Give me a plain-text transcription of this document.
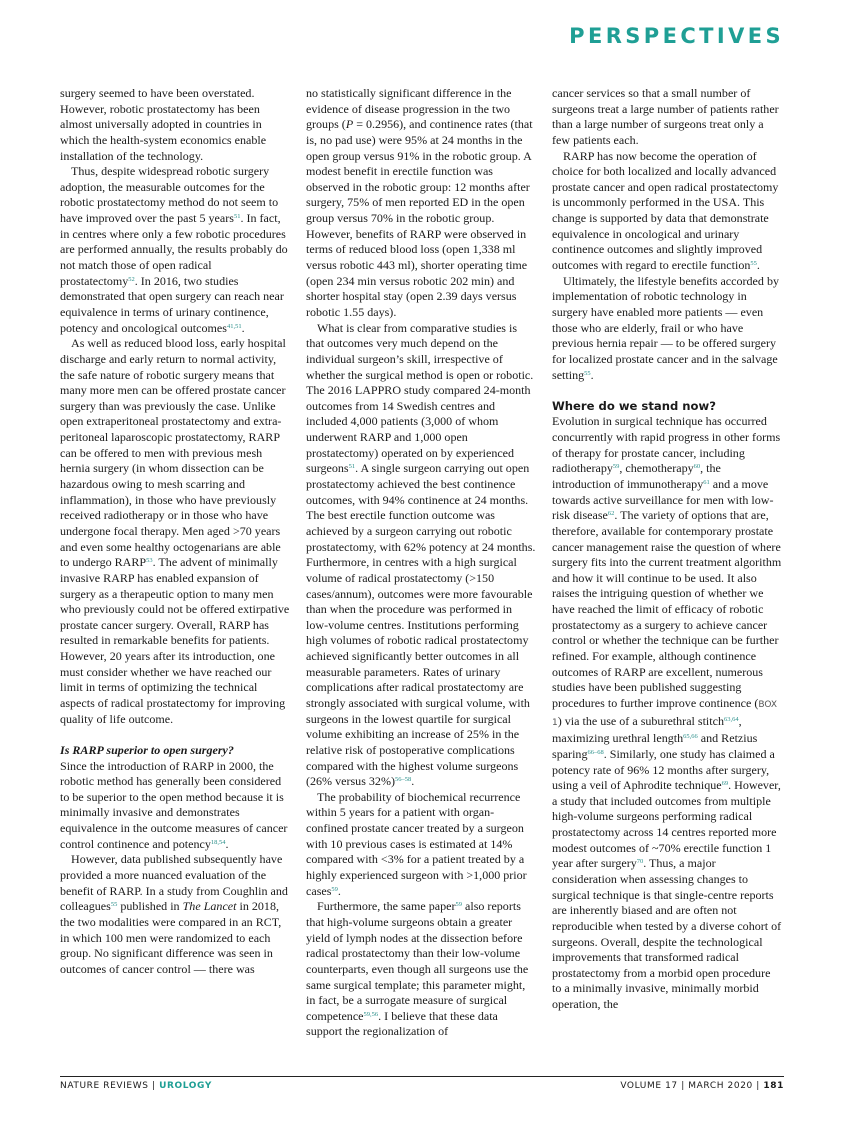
PERSPECTIVES

surgery seemed to have been overstated. However, robotic prostatectomy has been almost universally adopted in countries in which the health-system economics enable installation of the technology.

Thus, despite widespread robotic surgery adoption, the measurable outcomes for the robotic prostatectomy method do not seem to have improved over the past 5 years$^{51}$. In fact, in centres where only a few robotic procedures are performed annually, the results probably do not match those of open radical prostatectomy$^{52}$. In 2016, two studies demonstrated that open surgery can reach near equivalence in terms of urinary continence, potency and oncological outcomes$^{41,51}$.

As well as reduced blood loss, early hospital discharge and early return to normal activity, the safe nature of robotic surgery means that many more men can be offered prostate cancer surgery than was previously the case. Unlike open extraperitoneal prostatectomy and extra-peritoneal laparoscopic prostatectomy, RARP can be offered to men with previous mesh hernia surgery (in whom dissection can be hazardous owing to mesh scarring and inflammation), in those who have previously received radiotherapy or in those who have undergone focal therapy. Men aged >70 years and even some healthy octogenarians are able to undergo RARP$^{53}$. The advent of minimally invasive RARP has enabled expansion of surgery as a therapeutic option to many men who previously could not be offered extirpative prostate cancer surgery. Overall, RARP has resulted in remarkable benefits for patients. However, 20 years after its introduction, one must consider whether we have reached our limit in terms of optimizing the technical aspects of radical prostatectomy for improving quality of life outcome.

Is RARP superior to open surgery?

Since the introduction of RARP in 2000, the robotic method has generally been considered to be superior to the open method because it is minimally invasive and demonstrates equivalence in the outcome measures of cancer control continence and potency$^{18,54}$.

However, data published subsequently have provided a more nuanced evaluation of the benefit of RARP. In a study from Coughlin and colleagues$^{55}$ published in The Lancet in 2018, the two modalities were compared in an RCT, in which 100 men were randomized to each group. No significant difference was seen in outcomes of cancer control — there was

no statistically significant difference in the evidence of disease progression in the two groups (P = 0.2956), and continence rates (that is, no pad use) were 95% at 24 months in the open group versus 91% in the robotic group. A modest benefit in erectile function was observed in the robotic group: 12 months after surgery, 75% of men reported ED in the open group versus 70% in the robotic group. However, benefits of RARP were observed in terms of reduced blood loss (open 1,338 ml versus robotic 443 ml), shorter operating time (open 234 min versus robotic 202 min) and shorter hospital stay (open 2.39 days versus robotic 1.55 days).

What is clear from comparative studies is that outcomes very much depend on the individual surgeon’s skill, irrespective of whether the surgical method is open or robotic. The 2016 LAPPRO study compared 24-month outcomes from 14 Swedish centres and included 4,000 patients (3,000 of whom underwent RARP and 1,000 open prostatectomy) operated on by experienced surgeons$^{51}$. A single surgeon carrying out open prostatectomy achieved the best continence outcomes, with 94% continence at 24 months. The best erectile function outcome was achieved by a surgeon carrying out robotic prostatectomy, with 62% potency at 24 months. Furthermore, in centres with a high surgical volume of radical prostatectomy (>150 cases/annum), outcomes were more favourable than when the procedure was performed in low-volume centres. Institutions performing high volumes of robotic radical prostatectomy achieved significantly better outcomes in all measurable parameters. Rates of urinary complications after radical prostatectomy are strongly associated with surgical volume, with surgeons in the lowest quartile for surgical volume exhibiting an increase of 25% in the relative risk of postoperative complications compared with the highest volume surgeons (26% versus 32%)$^{56-58}$.

The probability of biochemical recurrence within 5 years for a patient with organ-confined prostate cancer treated by a surgeon with 10 previous cases is estimated at 14% compared with <3% for a patient treated by a highly experienced surgeon with >1,000 prior cases$^{59}$.

Furthermore, the same paper$^{59}$ also reports that high-volume surgeons obtain a greater yield of lymph nodes at the dissection before radical prostatectomy than their low-volume counterparts, even though all surgeons use the same surgical template; this parameter might, in fact, be a surrogate measure of surgical competence$^{59,56}$. I believe that these data support the regionalization of

cancer services so that a small number of surgeons treat a large number of patients rather than a large number of surgeons treat only a few patients each.

RARP has now become the operation of choice for both localized and locally advanced prostate cancer and open radical prostatectomy is uncommonly performed in the USA. This change is supported by data that demonstrate equivalence in oncological and urinary continence outcomes and slightly improved outcomes with regard to erectile function$^{55}$.

Ultimately, the lifestyle benefits accorded by implementation of robotic technology in surgery have enabled more patients — even those who are elderly, frail or who have previous hernia repair — to be offered surgery for localized prostate cancer and in the salvage setting$^{55}$.

Where do we stand now?

Evolution in surgical technique has occurred concurrently with rapid progress in other forms of therapy for prostate cancer, including radiotherapy$^{59}$, chemotherapy$^{60}$, the introduction of immunotherapy$^{61}$ and a move towards active surveillance for men with low-risk disease$^{62}$. The variety of options that are, therefore, available for contemporary prostate cancer management raise the question of where surgery fits into the current treatment algorithm and how it will continue to be used. It also raises the intriguing question of whether we have reached the limit of efficacy of robotic prostatectomy as a surgery to achieve cancer control or whether the technique can be further refined. For example, although continence outcomes of RARP are excellent, numerous studies have been published suggesting procedures to further improve continence (BOX 1) via the use of a suburethral stitch$^{63,64}$, maximizing urethral length$^{65,66}$ and Retzius sparing$^{66-68}$. Similarly, one study has claimed a potency rate of 96% 12 months after surgery, using a veil of Aphrodite technique$^{69}$. However, a study that included outcomes from multiple high-volume surgeons performing radical prostatectomy across 14 centres reported more modest outcomes of ~70% erectile function 1 year after surgery$^{70}$. Thus, a major consideration when assessing changes to surgical technique is that single-centre reports are inherently biased and are often not reproducible when tested by a diverse cohort of surgeons. Overall, despite the technological improvements that transformed radical prostatectomy from a morbid open procedure to a minimally invasive, minimally morbid operation, the

NATURE REVIEWS | UROLOGY	VOLUME 17 | MARCH 2020 | 181
